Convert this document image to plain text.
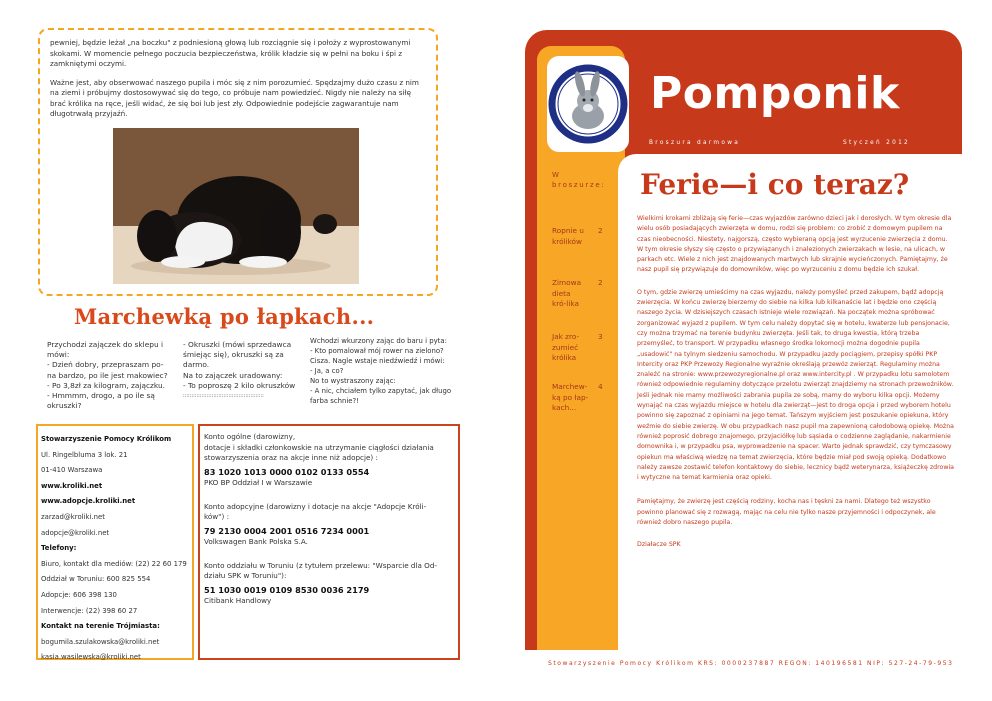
pewniej, będzie leżał „na boczku" z podniesioną głową lub rozciągnie się i położy z wyprostowanymi skokami. W momencie pełnego poczucia bezpieczeństwa, królik kładzie się w pełni na boku i śpi z zamkniętymi oczymi.

Ważne jest, aby obserwować naszego pupila i móc się z nim porozumieć. Spędzajmy dużo czasu z nim na ziemi i próbujmy dostosowywać się do tego, co próbuje nam powiedzieć. Nigdy nie należy na siłę brać królika na ręce, jeśli widać, że się boi lub jest zły. Odpowiednie podejście zagwarantuje nam długotrwałą przyjaźń.

Marchewką po łapkach...
Przychodzi zajączek do sklepu i
mówi:
- Dzień dobry, przepraszam po-
na bardzo, po ile jest makowiec?
- Po 3,8zł za kilogram, zajączku.
- Hmmmm, drogo, a po ile są
okruszki?
- Okruszki (mówi sprzedawca
śmiejąc się), okruszki są za
darmo.
Na to zajączek uradowany:
- To poproszę 2 kilo okruszków
::::::::::::::::::::::::::::::::::::::::::::::::
Wchodzi wkurzony zając do baru i pyta:
- Kto pomalował mój rower na zielono?
Cisza. Nagle wstaje niedźwiedź i mówi:
- Ja, a co?
No to wystraszony zając:
- A nic, chciałem tylko zapytać, jak długo
farba schnie?!
Stowarzyszenie Pomocy Królikom
Ul. Ringelbluma 3 lok. 21
01-410 Warszawa
www.kroliki.net
www.adopcje.kroliki.net
zarzad@kroliki.net
adopcje@kroliki.net
Telefony:
Biuro, kontakt dla mediów: (22) 22 60 179
Oddział w Toruniu: 600 825 554
Adopcje: 606 398 130
Interwencje: (22) 398 60 27
Kontakt na terenie Trójmiasta:
bogumila.szulakowska@kroliki.net
kasia.wasilewska@kroliki.net
Konto ogólne (darowizny,
dotacje i składki członkowskie na utrzymanie ciągłości działania stowarzyszenia oraz na akcje inne niż adopcje) :
83 1020 1013 0000 0102 0133 0554
PKO BP Oddział I w Warszawie
Konto adopcyjne (darowizny i dotacje na akcje "Adopcje Króli-
ków") :
79 2130 0004 2001 0516 7234 0001
Volkswagen Bank Polska S.A.
Konto oddziału w Toruniu (z tytułem przelewu: "Wsparcie dla Od-
działu SPK w Toruniu"):
51 1030 0019 0109 8530 0036 2179
Citibank Handlowy
Pomponik
Broszura darmowa	Styczeń 2012
W broszurze:
Ropnie u królików
2
Zimowa dieta kró-lika
2
Jak zro-zumieć królika
3
Marchew-ką po łap-kach...
4
Ferie—i co teraz?

Wielkimi krokami zbliżają się ferie—czas wyjazdów zarówno dzieci jak i dorosłych. W tym okresie dla wielu osób posiadających zwierzęta w domu, rodzi się problem: co zrobić z domowym pupilem na czas nieobecności. Niestety, najgorszą, często wybieraną opcją jest wyrzucenie zwierzęcia z domu. W tym okresie słyszy się często o przywiązanych i znalezionych zwierzakach w lesie, na ulicach, w parkach etc. Wiele z nich jest znajdowanych martwych lub skrajnie wycieńczonych. Pamiętajmy, że nasz pupil się przywiązuje do domowników, więc po wyrzuceniu z domu będzie ich szukał.

O tym, gdzie zwierzę umieścimy na czas wyjazdu, należy pomyśleć przed zakupem, bądź adopcją zwierzęcia. W końcu zwierzę bierzemy do siebie na kilka lub kilkanaście lat i będzie ono częścią naszego życia. W dzisiejszych czasach istnieje wiele rozwiązań. Na początek można spróbować zorganizować wyjazd z pupilem. W tym celu należy dopytać się w hotelu, kwaterze lub pensjonacie, czy można trzymać na terenie budynku zwierzęta. Jeśli tak, to druga kwestia, którą trzeba przemyśleć, to transport. W przypadku własnego środka lokomocji można dogodnie pupila „usadowić" na tylnym siedzeniu samochodu. W przypadku jazdy pociągiem, przepisy spółki PKP Intercity oraz PKP Przewozy Regionalne wyraźnie określają przewóz zwierząt. Regulaminy można znaleźć na stronie: www.przewozyregionalne.pl oraz www.intercity.pl . W przypadku lotu samolotem również odpowiednie regulaminy dotyczące przelotu zwierząt znajdziemy na stronach przewoźników. Jeśli jednak nie mamy możliwości zabrania pupila ze sobą, mamy do wyboru kilka opcji. Możemy wynająć na czas wyjazdu miejsce w hotelu dla zwierząt—jest to droga opcja i przed wyborem hotelu powinno się zapoznać z opiniami na jego temat. Tańszym wyjściem jest poszukanie opiekuna, który weźmie do siebie zwierzę. W obu przypadkach nasz pupil ma zapewnioną całodobową opiekę. Można również poprosić dobrego znajomego, przyjaciółkę lub sąsiada o codzienne zaglądanie, nakarmienie domownika i, w przypadku psa, wyprowadzenie na spacer. Warto jednak sprawdzić, czy tymczasowy opiekun ma właściwą wiedzę na temat zwierzęcia, które będzie miał pod swoją opieką. Dodatkowo należy zawsze zostawić telefon kontaktowy do siebie, lecznicy bądź weterynarza, książeczkę zdrowia i wytyczne na temat karmienia oraz opieki.

Pamiętajmy, że zwierzę jest częścią rodziny, kocha nas i tęskni za nami. Dlatego też wszystko powinno planować się z rozwagą, mając na celu nie tylko nasze przyjemności i odpoczynek, ale również dobro naszego pupila.

Działacze SPK

Stowarzyszenie Pomocy Królikom KRS: 0000237887 REGON: 140196581 NIP: 527-24-79-953
